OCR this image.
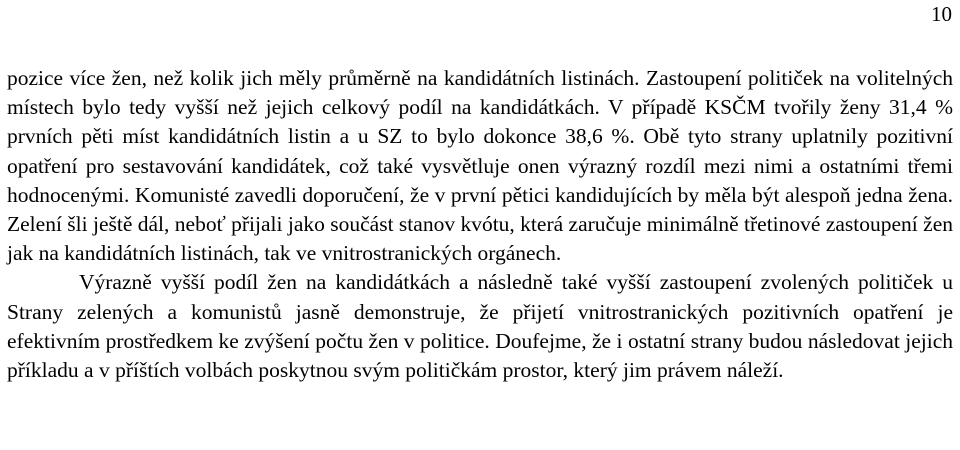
10

pozice více žen, než kolik jich měly průměrně na kandidátních listinách. Zastoupení političek na volitelných místech bylo tedy vyšší než jejich celkový podíl na kandidátkách. V případě KSČM tvořily ženy 31,4 % prvních pěti míst kandidátních listin a u SZ to bylo dokonce 38,6 %. Obě tyto strany uplatnily pozitivní opatření pro sestavování kandidátek, což také vysvětluje onen výrazný rozdíl mezi nimi a ostatními třemi hodnocenými. Komunisté zavedli doporučení, že v první pětici kandidujících by měla být alespoň jedna žena. Zelení šli ještě dál, neboť přijali jako součást stanov kvótu, která zaručuje minimálně třetinové zastoupení žen jak na kandidátních listinách, tak ve vnitrostranických orgánech.

Výrazně vyšší podíl žen na kandidátkách a následně také vyšší zastoupení zvolených političek u Strany zelených a komunistů jasně demonstruje, že přijetí vnitrostranických pozitivních opatření je efektivním prostředkem ke zvýšení počtu žen v politice. Doufejme, že i ostatní strany budou následovat jejich příkladu a v příštích volbách poskytnou svým političkám prostor, který jim právem náleží.
